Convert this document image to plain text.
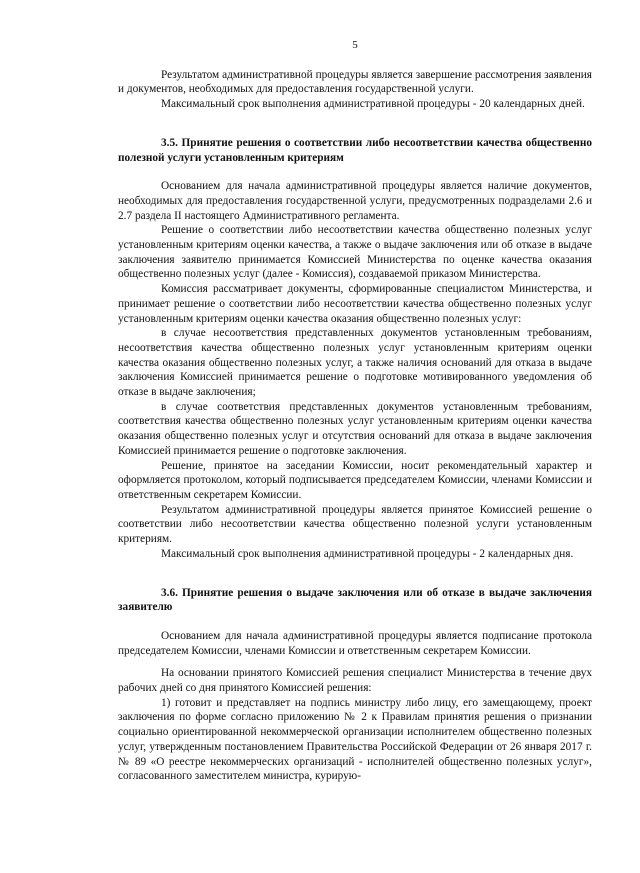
5

Результатом административной процедуры является завершение рассмотрения заявления и документов, необходимых для предоставления государственной услуги.

Максимальный срок выполнения административной процедуры - 20 календарных дней.

3.5. Принятие решения о соответствии либо несоответствии качества общественно полезной услуги установленным критериям

Основанием для начала административной процедуры является наличие документов, необходимых для предоставления государственной услуги, предусмотренных подразделами 2.6 и 2.7 раздела II настоящего Административного регламента.

Решение о соответствии либо несоответствии качества общественно полезных услуг установленным критериям оценки качества, а также о выдаче заключения или об отказе в выдаче заключения заявителю принимается Комиссией Министерства по оценке качества оказания общественно полезных услуг (далее - Комиссия), создаваемой приказом Министерства.

Комиссия рассматривает документы, сформированные специалистом Министерства, и принимает решение о соответствии либо несоответствии качества общественно полезных услуг установленным критериям оценки качества оказания общественно полезных услуг:

в случае несоответствия представленных документов установленным требованиям, несоответствия качества общественно полезных услуг установленным критериям оценки качества оказания общественно полезных услуг, а также наличия оснований для отказа в выдаче заключения Комиссией принимается решение о подготовке мотивированного уведомления об отказе в выдаче заключения;

в случае соответствия представленных документов установленным требованиям, соответствия качества общественно полезных услуг установленным критериям оценки качества оказания общественно полезных услуг и отсутствия оснований для отказа в выдаче заключения Комиссией принимается решение о подготовке заключения.

Решение, принятое на заседании Комиссии, носит рекомендательный характер и оформляется протоколом, который подписывается председателем Комиссии, членами Комиссии и ответственным секретарем Комиссии.

Результатом административной процедуры является принятое Комиссией решение о соответствии либо несоответствии качества общественно полезной услуги установленным критериям.

Максимальный срок выполнения административной процедуры - 2 календарных дня.

3.6. Принятие решения о выдаче заключения или об отказе в выдаче заключения заявителю

Основанием для начала административной процедуры является подписание протокола председателем Комиссии, членами Комиссии и ответственным секретарем Комиссии.

На основании принятого Комиссией решения специалист Министерства в течение двух рабочих дней со дня принятого Комиссией решения:

1) готовит и представляет на подпись министру либо лицу, его замещающему, проект заключения по форме согласно приложению № 2 к Правилам принятия решения о признании социально ориентированной некоммерческой организации исполнителем общественно полезных услуг, утвержденным постановлением Правительства Российской Федерации от 26 января 2017 г. № 89 «О реестре некоммерческих организаций - исполнителей общественно полезных услуг», согласованного заместителем министра, курирую-
